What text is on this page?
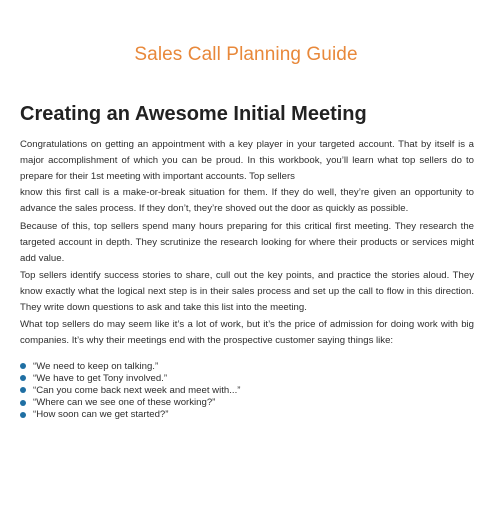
Sales Call Planning Guide
Creating an Awesome Initial Meeting

Congratulations on getting an appointment with a key player in your targeted account. That by itself is a major accomplishment of which you can be proud. In this workbook, you’ll learn what top sellers do to prepare for their 1st meeting with important accounts. Top sellers

know this first call is a make-or-break situation for them. If they do well, they’re given an opportunity to advance the sales process. If they don’t, they’re shoved out the door as quickly as possible.

Because of this, top sellers spend many hours preparing for this critical first meeting. They research the targeted account in depth. They scrutinize the research looking for where their products or services might add value.

Top sellers identify success stories to share, cull out the key points, and practice the stories aloud. They know exactly what the logical next step is in their sales process and set up the call to flow in this direction. They write down questions to ask and take this list into the meeting.

What top sellers do may seem like it’s a lot of work, but it’s the price of admission for doing work with big companies. It’s why their meetings end with the prospective customer saying things like:

“We need to keep on talking.”
“We have to get Tony involved.”
“Can you come back next week and meet with...”
“Where can we see one of these working?”
“How soon can we get started?”
